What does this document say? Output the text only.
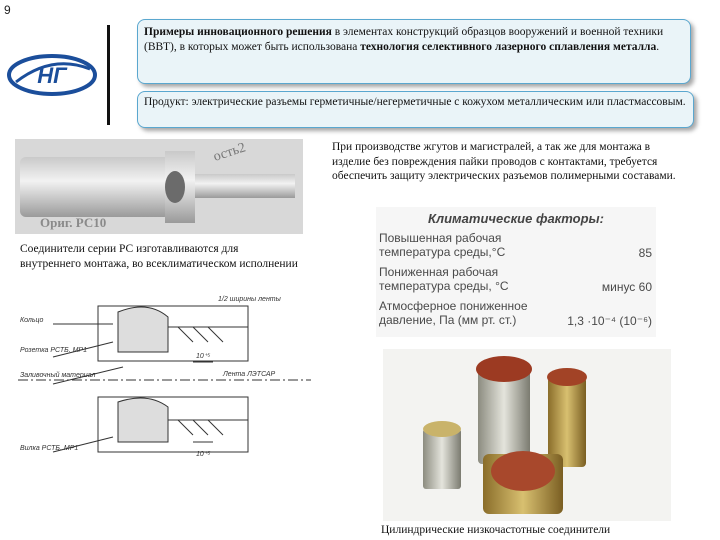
9
НГ
Примеры инновационного решения в элементах конструкций образцов вооружений и военной техники (ВВТ), в которых может быть использована технология селективного лазерного сплавления металла.
Продукт: электрические разъемы герметичные/негерметичные с кожухом металлическим или пластмассовым.
При производстве жгутов и магистралей, а так же для монтажа в изделие без повреждения пайки проводов с контактами, требуется обеспечить защиту электрических разъемов полимерными составами.
ость2
Ориг. РС10
Соединители серии РС изготавливаются для внутреннего монтажа, во всеклиматическом исполнении
Кольцо
Розетка РСТБ. МР1
Заливочный материал	Лента ЛЭТСАР
Вилка РСТБ. МР1
1/2 ширины ленты
10⁺⁵
10⁺⁵
Климатические факторы:
Повышенная рабочая
температура среды,°С	85
Пониженная рабочая
температура среды, °С	минус 60
Атмосферное пониженное
давление, Па (мм рт. ст.)	1,3 ·10⁻⁴ (10⁻⁶)
Цилиндрические низкочастотные соединители
